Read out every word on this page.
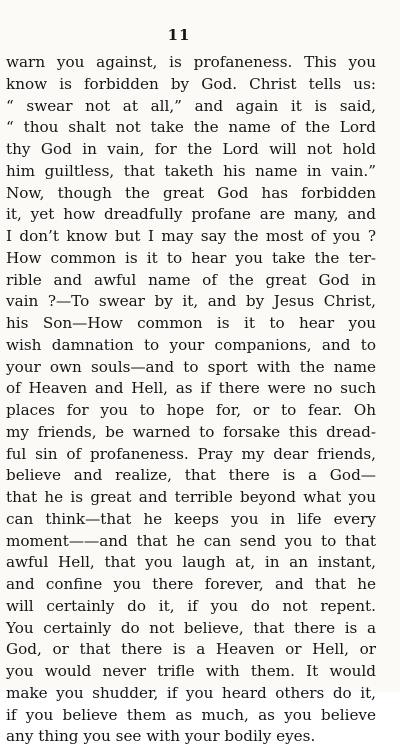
11
warn you against, is profaneness. This you
know is forbidden by God. Christ tells us:
“ swear not at all,” and again it is said,
“ thou shalt not take the name of the Lord
thy God in vain, for the Lord will not hold
him guiltless, that taketh his name in vain.”
Now, though the great God has forbidden
it, yet how dreadfully profane are many, and
I don’t know but I may say the most of you ?
How common is it to hear you take the ter-
rible and awful name of the great God in
vain ?—To swear by it, and by Jesus Christ,
his Son—How common is it to hear you
wish damnation to your companions, and to
your own souls—and to sport with the name
of Heaven and Hell, as if there were no such
places for you to hope for, or to fear. Oh
my friends, be warned to forsake this dread-
ful sin of profaneness. Pray my dear friends,
believe and realize, that there is a God—
that he is great and terrible beyond what you
can think—that he keeps you in life every
moment——and that he can send you to that
awful Hell, that you laugh at, in an instant,
and confine you there forever, and that he
will certainly do it, if you do not repent.
You certainly do not believe, that there is a
God, or that there is a Heaven or Hell, or
you would never trifle with them. It would
make you shudder, if you heard others do it,
if you believe them as much, as you believe
any thing you see with your bodily eyes.
